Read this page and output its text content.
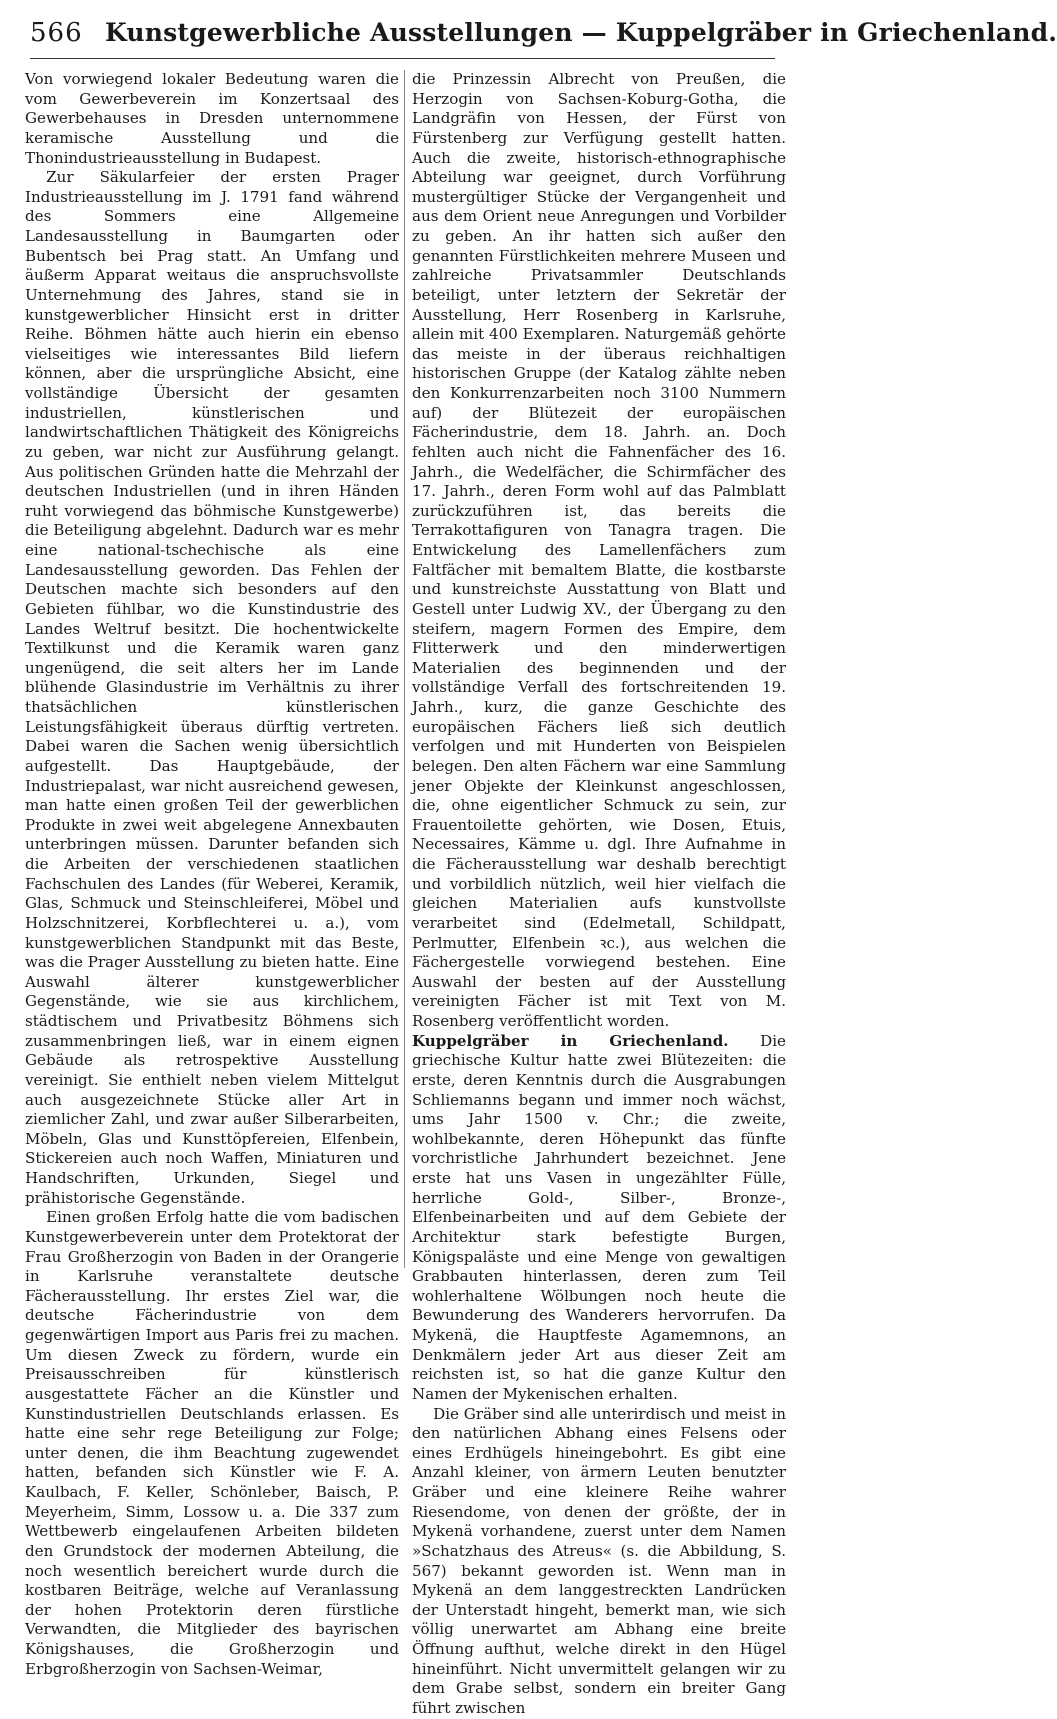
566 Kunstgewerbliche Ausstellungen — Kuppelgräber in Griechenland.

Von vorwiegend lokaler Bedeutung waren die vom Gewerbeverein im Konzertsaal des Gewerbehauses in Dresden unternommene keramische Ausstellung und die Thonindustrieausstellung in Budapest.

Zur Säkularfeier der ersten Prager Industrieausstellung im J. 1791 fand während des Sommers eine Allgemeine Landesausstellung in Baumgarten oder Bubentsch bei Prag statt. An Umfang und äußerm Apparat weitaus die anspruchsvollste Unternehmung des Jahres, stand sie in kunstgewerblicher Hinsicht erst in dritter Reihe. Böhmen hätte auch hierin ein ebenso vielseitiges wie interessantes Bild liefern können, aber die ursprüngliche Absicht, eine vollständige Übersicht der gesamten industriellen, künstlerischen und landwirtschaftlichen Thätigkeit des Königreichs zu geben, war nicht zur Ausführung gelangt. Aus politischen Gründen hatte die Mehrzahl der deutschen Industriellen (und in ihren Händen ruht vorwiegend das böhmische Kunstgewerbe) die Beteiligung abgelehnt. Dadurch war es mehr eine national-tschechische als eine Landesausstellung geworden. Das Fehlen der Deutschen machte sich besonders auf den Gebieten fühlbar, wo die Kunstindustrie des Landes Weltruf besitzt. Die hochentwickelte Textilkunst und die Keramik waren ganz ungenügend, die seit alters her im Lande blühende Glasindustrie im Verhältnis zu ihrer thatsächlichen künstlerischen Leistungsfähigkeit überaus dürftig vertreten. Dabei waren die Sachen wenig übersichtlich aufgestellt. Das Hauptgebäude, der Industriepalast, war nicht ausreichend gewesen, man hatte einen großen Teil der gewerblichen Produkte in zwei weit abgelegene Annexbauten unterbringen müssen. Darunter befanden sich die Arbeiten der verschiedenen staatlichen Fachschulen des Landes (für Weberei, Keramik, Glas, Schmuck und Steinschleiferei, Möbel und Holzschnitzerei, Korbflechterei u. a.), vom kunstgewerblichen Standpunkt mit das Beste, was die Prager Ausstellung zu bieten hatte. Eine Auswahl älterer kunstgewerblicher Gegenstände, wie sie aus kirchlichem, städtischem und Privatbesitz Böhmens sich zusammenbringen ließ, war in einem eignen Gebäude als retrospektive Ausstellung vereinigt. Sie enthielt neben vielem Mittelgut auch ausgezeichnete Stücke aller Art in ziemlicher Zahl, und zwar außer Silberarbeiten, Möbeln, Glas und Kunsttöpfereien, Elfenbein, Stickereien auch noch Waffen, Miniaturen und Handschriften, Urkunden, Siegel und prähistorische Gegenstände.

Einen großen Erfolg hatte die vom badischen Kunstgewerbeverein unter dem Protektorat der Frau Großherzogin von Baden in der Orangerie in Karlsruhe veranstaltete deutsche Fächerausstellung. Ihr erstes Ziel war, die deutsche Fächerindustrie von dem gegenwärtigen Import aus Paris frei zu machen. Um diesen Zweck zu fördern, wurde ein Preisausschreiben für künstlerisch ausgestattete Fächer an die Künstler und Kunstindustriellen Deutschlands erlassen. Es hatte eine sehr rege Beteiligung zur Folge; unter denen, die ihm Beachtung zugewendet hatten, befanden sich Künstler wie F. A. Kaulbach, F. Keller, Schönleber, Baisch, P. Meyerheim, Simm, Lossow u. a. Die 337 zum Wettbewerb eingelaufenen Arbeiten bildeten den Grundstock der modernen Abteilung, die noch wesentlich bereichert wurde durch die kostbaren Beiträge, welche auf Veranlassung der hohen Protektorin deren fürstliche Verwandten, die Mitglieder des bayrischen Königshauses, die Großherzogin und Erbgroßherzogin von Sachsen-Weimar,

die Prinzessin Albrecht von Preußen, die Herzogin von Sachsen-Koburg-Gotha, die Landgräfin von Hessen, der Fürst von Fürstenberg zur Verfügung gestellt hatten. Auch die zweite, historisch-ethnographische Abteilung war geeignet, durch Vorführung mustergültiger Stücke der Vergangenheit und aus dem Orient neue Anregungen und Vorbilder zu geben. An ihr hatten sich außer den genannten Fürstlichkeiten mehrere Museen und zahlreiche Privatsammler Deutschlands beteiligt, unter letztern der Sekretär der Ausstellung, Herr Rosenberg in Karlsruhe, allein mit 400 Exemplaren. Naturgemäß gehörte das meiste in der überaus reichhaltigen historischen Gruppe (der Katalog zählte neben den Konkurrenzarbeiten noch 3100 Nummern auf) der Blütezeit der europäischen Fächerindustrie, dem 18. Jahrh. an. Doch fehlten auch nicht die Fahnenfächer des 16. Jahrh., die Wedelfächer, die Schirmfächer des 17. Jahrh., deren Form wohl auf das Palmblatt zurückzuführen ist, das bereits die Terrakottafiguren von Tanagra tragen. Die Entwickelung des Lamellenfächers zum Faltfächer mit bemaltem Blatte, die kostbarste und kunstreichste Ausstattung von Blatt und Gestell unter Ludwig XV., der Übergang zu den steifern, magern Formen des Empire, dem Flitterwerk und den minderwertigen Materialien des beginnenden und der vollständige Verfall des fortschreitenden 19. Jahrh., kurz, die ganze Geschichte des europäischen Fächers ließ sich deutlich verfolgen und mit Hunderten von Beispielen belegen. Den alten Fächern war eine Sammlung jener Objekte der Kleinkunst angeschlossen, die, ohne eigentlicher Schmuck zu sein, zur Frauentoilette gehörten, wie Dosen, Etuis, Necessaires, Kämme u. dgl. Ihre Aufnahme in die Fächerausstellung war deshalb berechtigt und vorbildlich nützlich, weil hier vielfach die gleichen Materialien aufs kunstvollste verarbeitet sind (Edelmetall, Schildpatt, Perlmutter, Elfenbein ꝛc.), aus welchen die Fächergestelle vorwiegend bestehen. Eine Auswahl der besten auf der Ausstellung vereinigten Fächer ist mit Text von M. Rosenberg veröffentlicht worden.

Kuppelgräber in Griechenland. Die griechische Kultur hatte zwei Blütezeiten: die erste, deren Kenntnis durch die Ausgrabungen Schliemanns begann und immer noch wächst, ums Jahr 1500 v. Chr.; die zweite, wohlbekannte, deren Höhepunkt das fünfte vorchristliche Jahrhundert bezeichnet. Jene erste hat uns Vasen in ungezählter Fülle, herrliche Gold-, Silber-, Bronze-, Elfenbeinarbeiten und auf dem Gebiete der Architektur stark befestigte Burgen, Königspaläste und eine Menge von gewaltigen Grabbauten hinterlassen, deren zum Teil wohlerhaltene Wölbungen noch heute die Bewunderung des Wanderers hervorrufen. Da Mykenä, die Hauptfeste Agamemnons, an Denkmälern jeder Art aus dieser Zeit am reichsten ist, so hat die ganze Kultur den Namen der Mykenischen erhalten.

Die Gräber sind alle unterirdisch und meist in den natürlichen Abhang eines Felsens oder eines Erdhügels hineingebohrt. Es gibt eine Anzahl kleiner, von ärmern Leuten benutzter Gräber und eine kleinere Reihe wahrer Riesendome, von denen der größte, der in Mykenä vorhandene, zuerst unter dem Namen »Schatzhaus des Atreus« (s. die Abbildung, S. 567) bekannt geworden ist. Wenn man in Mykenä an dem langgestreckten Landrücken der Unterstadt hingeht, bemerkt man, wie sich völlig unerwartet am Abhang eine breite Öffnung aufthut, welche direkt in den Hügel hineinführt. Nicht unvermittelt gelangen wir zu dem Grabe selbst, sondern ein breiter Gang führt zwischen
